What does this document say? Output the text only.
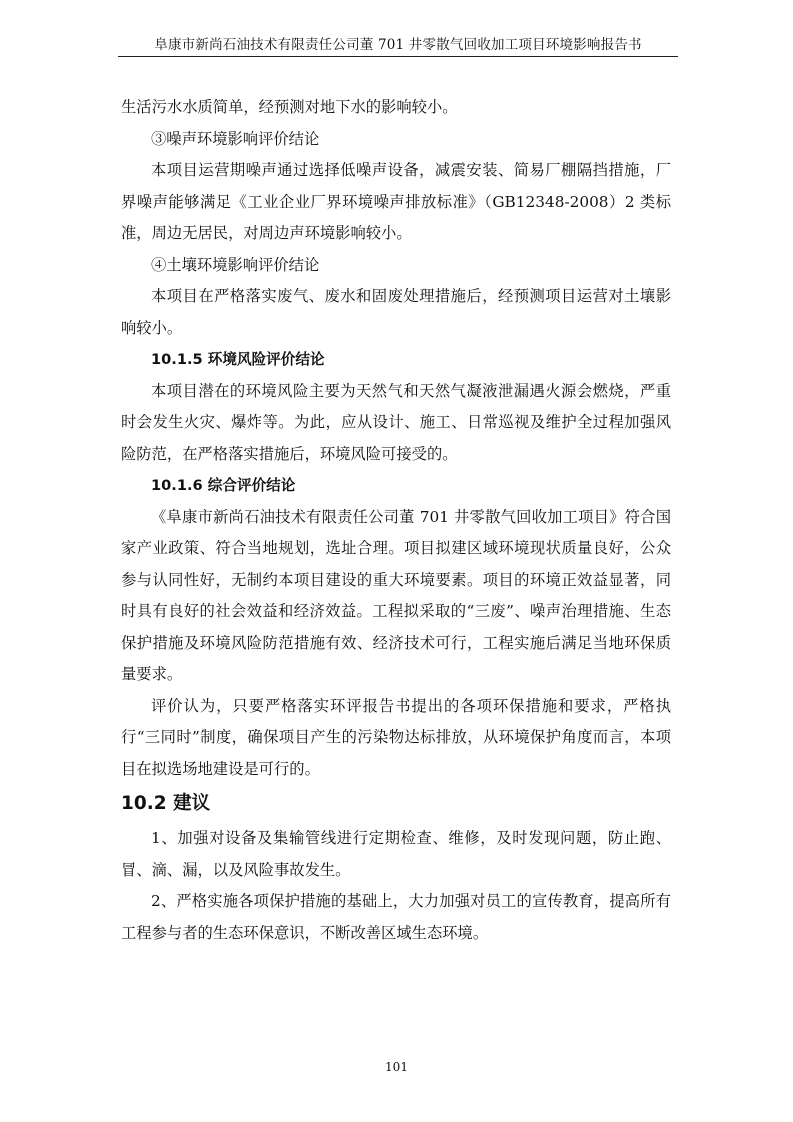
阜康市新尚石油技术有限责任公司董 701 井零散气回收加工项目环境影响报告书

生活污水水质简单，经预测对地下水的影响较小。

③噪声环境影响评价结论

本项目运营期噪声通过选择低噪声设备，减震安装、简易厂棚隔挡措施，厂界噪声能够满足《工业企业厂界环境噪声排放标准》（GB12348-2008）2 类标准，周边无居民，对周边声环境影响较小。

④土壤环境影响评价结论

本项目在严格落实废气、废水和固废处理措施后，经预测项目运营对土壤影响较小。

10.1.5 环境风险评价结论

本项目潜在的环境风险主要为天然气和天然气凝液泄漏遇火源会燃烧，严重时会发生火灾、爆炸等。为此，应从设计、施工、日常巡视及维护全过程加强风险防范，在严格落实措施后，环境风险可接受的。

10.1.6 综合评价结论

《阜康市新尚石油技术有限责任公司董 701 井零散气回收加工项目》符合国家产业政策、符合当地规划，选址合理。项目拟建区域环境现状质量良好，公众参与认同性好，无制约本项目建设的重大环境要素。项目的环境正效益显著，同时具有良好的社会效益和经济效益。工程拟采取的“三废”、噪声治理措施、生态保护措施及环境风险防范措施有效、经济技术可行，工程实施后满足当地环保质量要求。

评价认为，只要严格落实环评报告书提出的各项环保措施和要求，严格执行“三同时”制度，确保项目产生的污染物达标排放，从环境保护角度而言，本项目在拟选场地建设是可行的。

10.2 建议

1、加强对设备及集输管线进行定期检查、维修，及时发现问题，防止跑、冒、滴、漏，以及风险事故发生。

2、严格实施各项保护措施的基础上，大力加强对员工的宣传教育，提高所有工程参与者的生态环保意识，不断改善区域生态环境。

101
